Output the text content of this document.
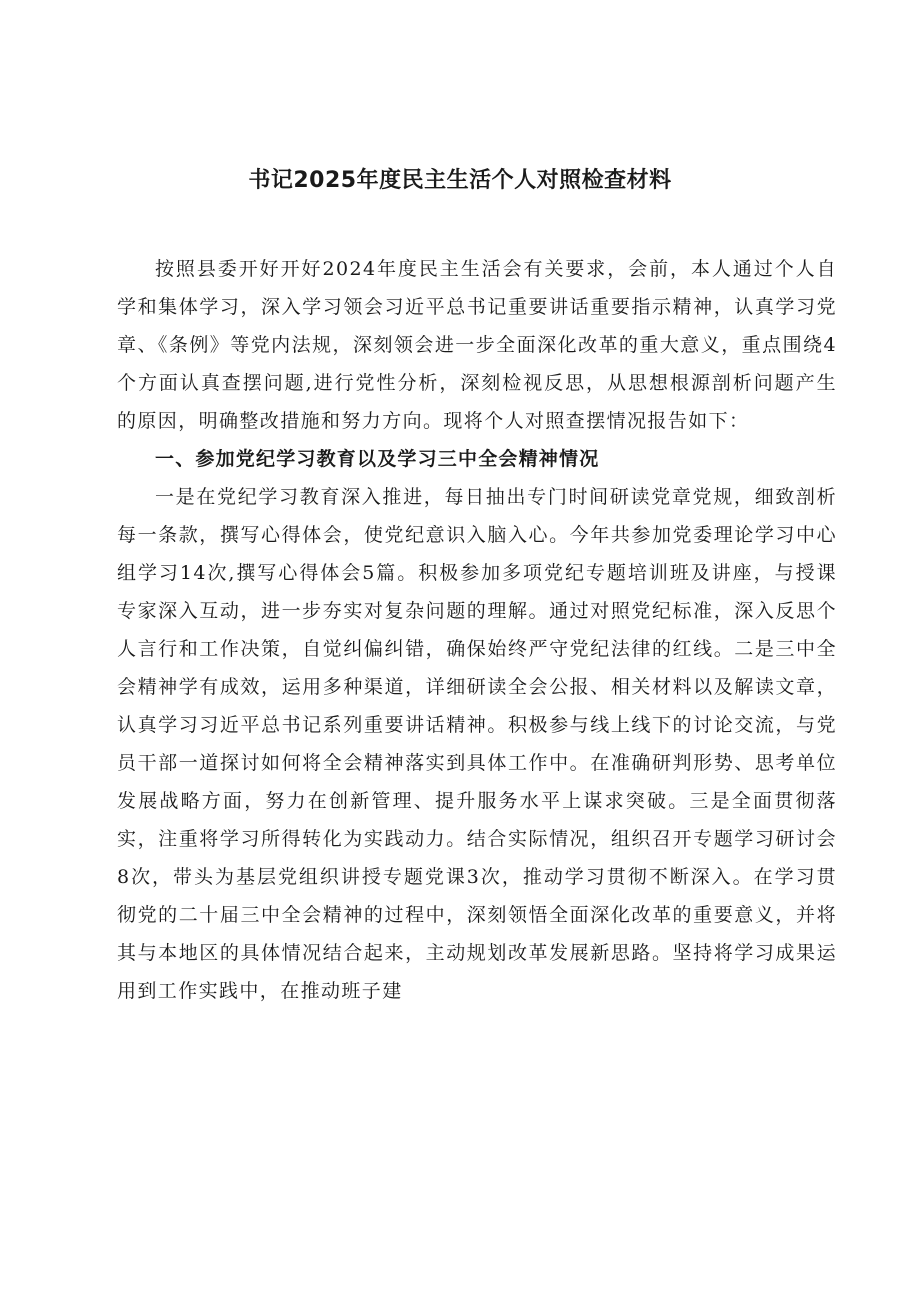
书记2025年度民主生活个人对照检查材料

按照县委开好开好2024年度民主生活会有关要求，会前，本人通过个人自学和集体学习，深入学习领会习近平总书记重要讲话重要指示精神，认真学习党章、《条例》等党内法规，深刻领会进一步全面深化改革的重大意义，重点围绕4个方面认真查摆问题,进行党性分析，深刻检视反思，从思想根源剖析问题产生的原因，明确整改措施和努力方向。现将个人对照查摆情况报告如下：

一、参加党纪学习教育以及学习三中全会精神情况

一是在党纪学习教育深入推进，每日抽出专门时间研读党章党规，细致剖析每一条款，撰写心得体会，使党纪意识入脑入心。今年共参加党委理论学习中心组学习14次,撰写心得体会5篇。积极参加多项党纪专题培训班及讲座，与授课专家深入互动，进一步夯实对复杂问题的理解。通过对照党纪标准，深入反思个人言行和工作决策，自觉纠偏纠错，确保始终严守党纪法律的红线。二是三中全会精神学有成效，运用多种渠道，详细研读全会公报、相关材料以及解读文章，认真学习习近平总书记系列重要讲话精神。积极参与线上线下的讨论交流，与党员干部一道探讨如何将全会精神落实到具体工作中。在准确研判形势、思考单位发展战略方面，努力在创新管理、提升服务水平上谋求突破。三是全面贯彻落实，注重将学习所得转化为实践动力。结合实际情况，组织召开专题学习研讨会8次，带头为基层党组织讲授专题党课3次，推动学习贯彻不断深入。在学习贯彻党的二十届三中全会精神的过程中，深刻领悟全面深化改革的重要意义，并将其与本地区的具体情况结合起来，主动规划改革发展新思路。坚持将学习成果运用到工作实践中，在推动班子建
